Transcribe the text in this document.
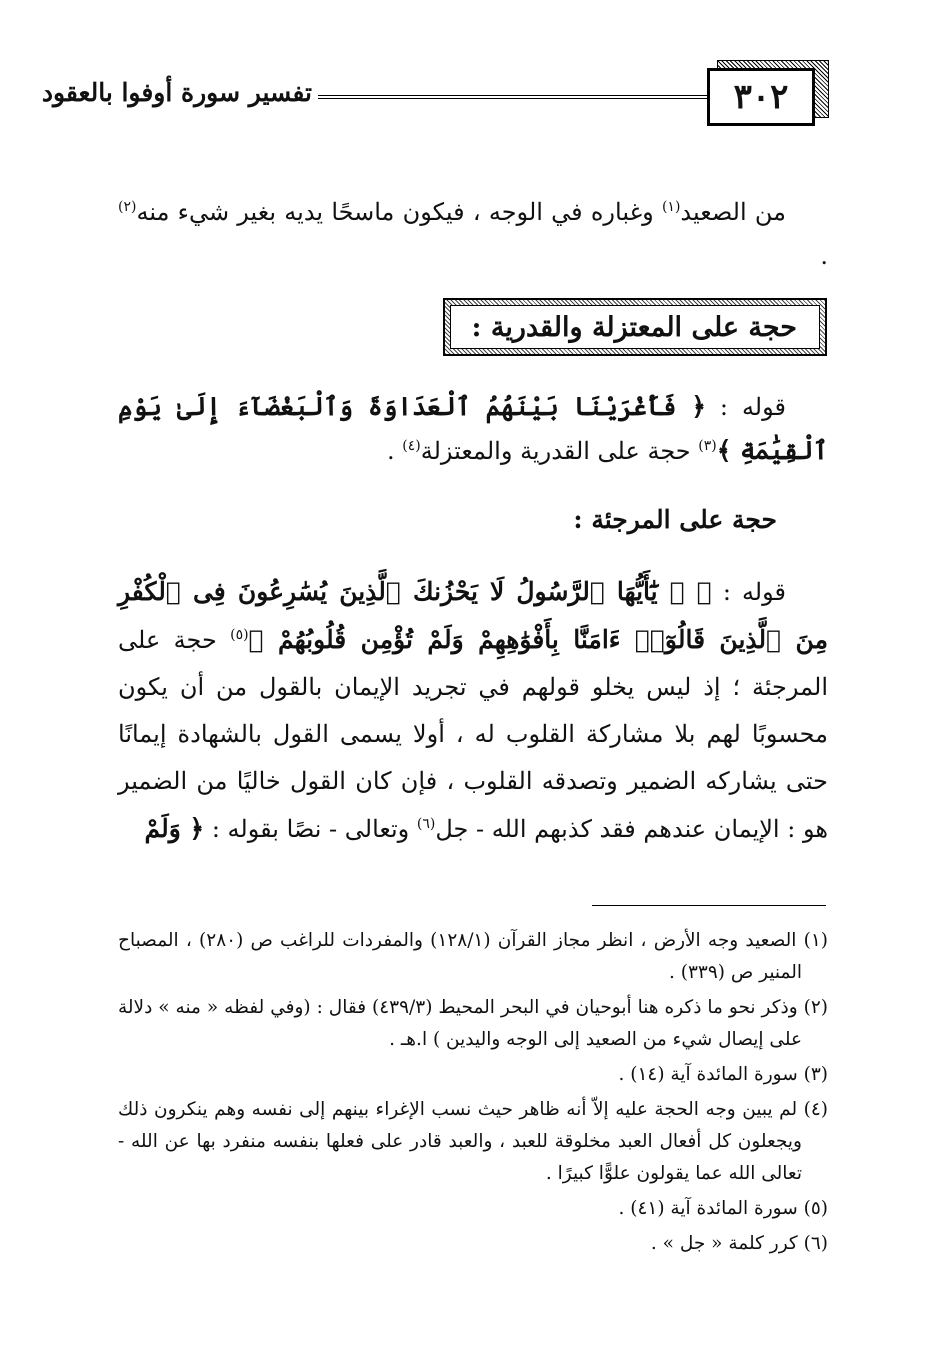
٣٠٢
تفسير سورة أوفوا بالعقود

من الصعيد$^{(١)}$ وغباره في الوجه ، فيكون ماسحًا يديه بغير شيء منه$^{(٢)}$ .

حجة على المعتزلة والقدرية :

قوله : ﴿ فَأَغْرَيْنَا بَيْنَهُمُ ٱلْعَدَاوَةَ وَٱلْبَغْضَآءَ إِلَىٰ يَوْمِ ٱلْقِيَٰمَةِ ﴾$^{(٣)}$ حجة على القدرية والمعتزلة$^{(٤)}$ .

حجة على المرجئة :

قوله : ﴿ ۞ يَٰٓأَيُّهَا ٱلرَّسُولُ لَا يَحْزُنكَ ٱلَّذِينَ يُسَٰرِعُونَ فِى ٱلْكُفْرِ مِنَ ٱلَّذِينَ قَالُوٓا۟ ءَامَنَّا بِأَفْوَٰهِهِمْ وَلَمْ تُؤْمِن قُلُوبُهُمْ ﴾$^{(٥)}$ حجة على المرجئة ؛ إذ ليس يخلو قولهم في تجريد الإيمان بالقول من أن يكون محسوبًا لهم بلا مشاركة القلوب له ، أولا يسمى القول بالشهادة إيمانًا حتى يشاركه الضمير وتصدقه القلوب ، فإن كان القول خاليًا من الضمير هو : الإيمان عندهم فقد كذبهم الله - جل$^{(٦)}$ وتعالى - نصًا بقوله : ﴿ وَلَمْ

(١) الصعيد وجه الأرض ، انظر مجاز القرآن (١٢٨/١) والمفردات للراغب ص (٢٨٠) ، المصباح المنير ص (٣٣٩) .

(٢) وذكر نحو ما ذكره هنا أبوحيان في البحر المحيط (٤٣٩/٣) فقال : (وفي لفظه « منه » دلالة على إيصال شيء من الصعيد إلى الوجه واليدين ) ا.هـ .

(٣) سورة المائدة آية (١٤) .

(٤) لم يبين وجه الحجة عليه إلاّ أنه ظاهر حيث نسب الإغراء بينهم إلى نفسه وهم ينكرون ذلك ويجعلون كل أفعال العبد مخلوقة للعبد ، والعبد قادر على فعلها بنفسه منفرد بها عن الله - تعالى الله عما يقولون علوًّا كبيرًا .

(٥) سورة المائدة آية (٤١) .

(٦) كرر كلمة « جل » .
